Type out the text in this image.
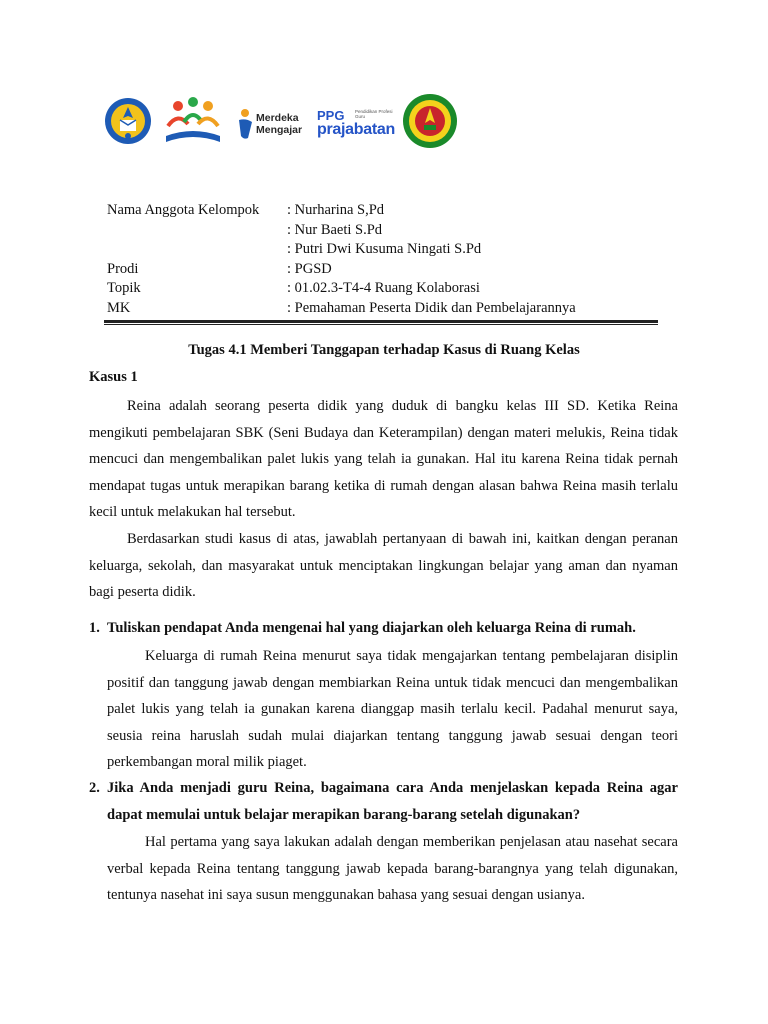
Merdeka
Mengajar
PPG Pendidikan Profesi Guru
prajabatan
Nama Anggota Kelompok	: Nurharina S,Pd
: Nur Baeti S.Pd
: Putri Dwi Kusuma Ningati S.Pd
Prodi	: PGSD
Topik	: 01.02.3-T4-4 Ruang Kolaborasi
MK	: Pemahaman Peserta Didik dan Pembelajarannya
Tugas 4.1 Memberi Tanggapan terhadap Kasus di Ruang Kelas
Kasus 1

Reina adalah seorang peserta didik yang duduk di bangku kelas III SD. Ketika Reina mengikuti pembelajaran SBK (Seni Budaya dan Keterampilan) dengan materi melukis, Reina tidak mencuci dan mengembalikan palet lukis yang telah ia gunakan. Hal itu karena Reina tidak pernah mendapat tugas untuk merapikan barang ketika di rumah dengan alasan bahwa Reina masih terlalu kecil untuk melakukan hal tersebut.

Berdasarkan studi kasus di atas, jawablah pertanyaan di bawah ini, kaitkan dengan peranan keluarga, sekolah, dan masyarakat untuk menciptakan lingkungan belajar yang aman dan nyaman bagi peserta didik.

1. Tuliskan pendapat Anda mengenai hal yang diajarkan oleh keluarga Reina di rumah.

Keluarga di rumah Reina menurut saya tidak mengajarkan tentang pembelajaran disiplin positif dan tanggung jawab dengan membiarkan Reina untuk tidak mencuci dan mengembalikan palet lukis yang telah ia gunakan karena dianggap masih terlalu kecil. Padahal menurut saya, seusia reina haruslah sudah mulai diajarkan tentang tanggung jawab sesuai dengan teori perkembangan moral milik piaget.

2. Jika Anda menjadi guru Reina, bagaimana cara Anda menjelaskan kepada Reina agar dapat memulai untuk belajar merapikan barang-barang setelah digunakan?

Hal pertama yang saya lakukan adalah dengan memberikan penjelasan atau nasehat secara verbal kepada Reina tentang tanggung jawab kepada barang-barangnya yang telah digunakan, tentunya nasehat ini saya susun menggunakan bahasa yang sesuai dengan usianya.
